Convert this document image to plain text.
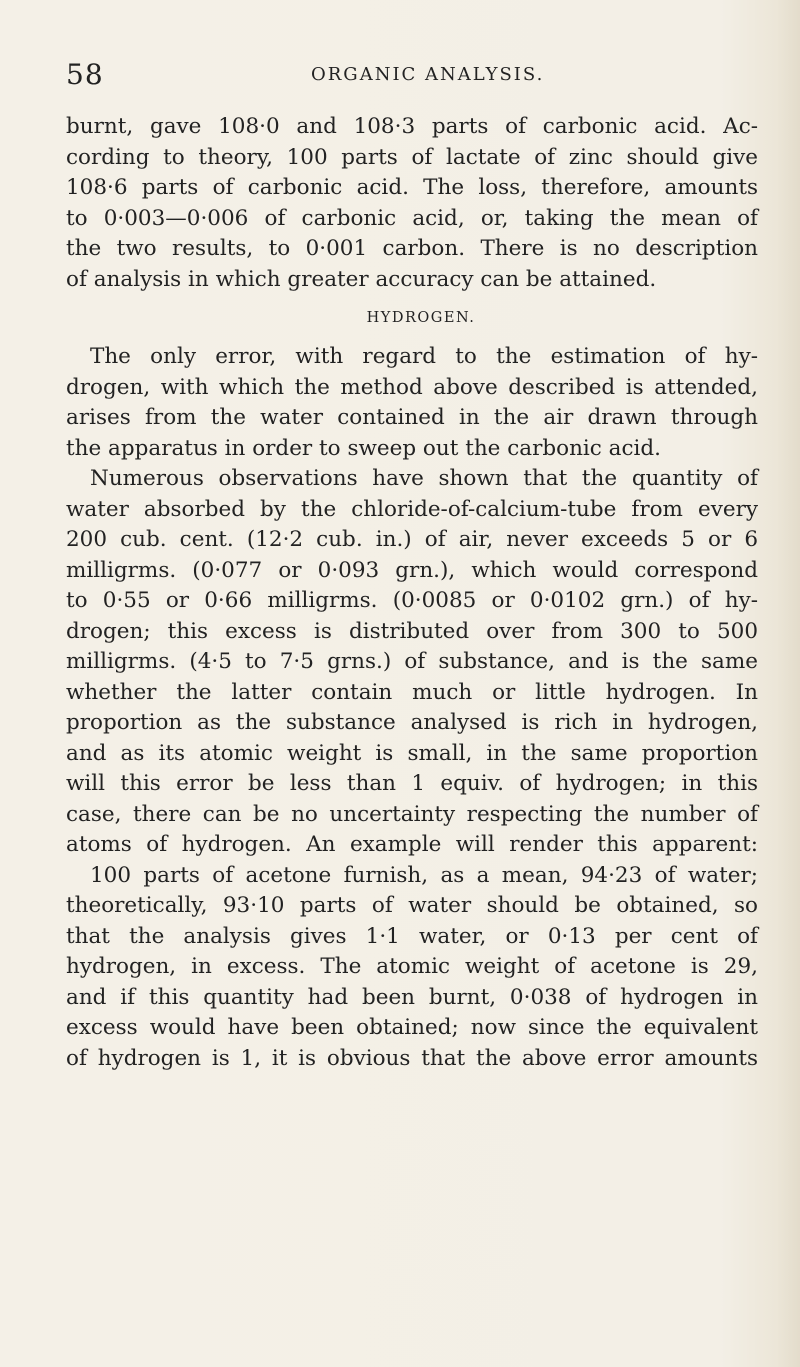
58	ORGANIC ANALYSIS.
burnt, gave 108·0 and 108·3 parts of carbonic acid. Ac-
cording to theory, 100 parts of lactate of zinc should give
108·6 parts of carbonic acid. The loss, therefore, amounts
to 0·003—0·006 of carbonic acid, or, taking the mean of
the two results, to 0·001 carbon. There is no description
of analysis in which greater accuracy can be attained.
HYDROGEN.
The only error, with regard to the estimation of hy-
drogen, with which the method above described is attended,
arises from the water contained in the air drawn through
the apparatus in order to sweep out the carbonic acid.
Numerous observations have shown that the quantity of
water absorbed by the chloride-of-calcium-tube from every
200 cub. cent. (12·2 cub. in.) of air, never exceeds 5 or 6
milligrms. (0·077 or 0·093 grn.), which would correspond
to 0·55 or 0·66 milligrms. (0·0085 or 0·0102 grn.) of hy-
drogen; this excess is distributed over from 300 to 500
milligrms. (4·5 to 7·5 grns.) of substance, and is the same
whether the latter contain much or little hydrogen. In
proportion as the substance analysed is rich in hydrogen,
and as its atomic weight is small, in the same proportion
will this error be less than 1 equiv. of hydrogen; in this
case, there can be no uncertainty respecting the number of
atoms of hydrogen. An example will render this apparent:
100 parts of acetone furnish, as a mean, 94·23 of water;
theoretically, 93·10 parts of water should be obtained, so
that the analysis gives 1·1 water, or 0·13 per cent of
hydrogen, in excess. The atomic weight of acetone is 29,
and if this quantity had been burnt, 0·038 of hydrogen in
excess would have been obtained; now since the equivalent
of hydrogen is 1, it is obvious that the above error amounts
